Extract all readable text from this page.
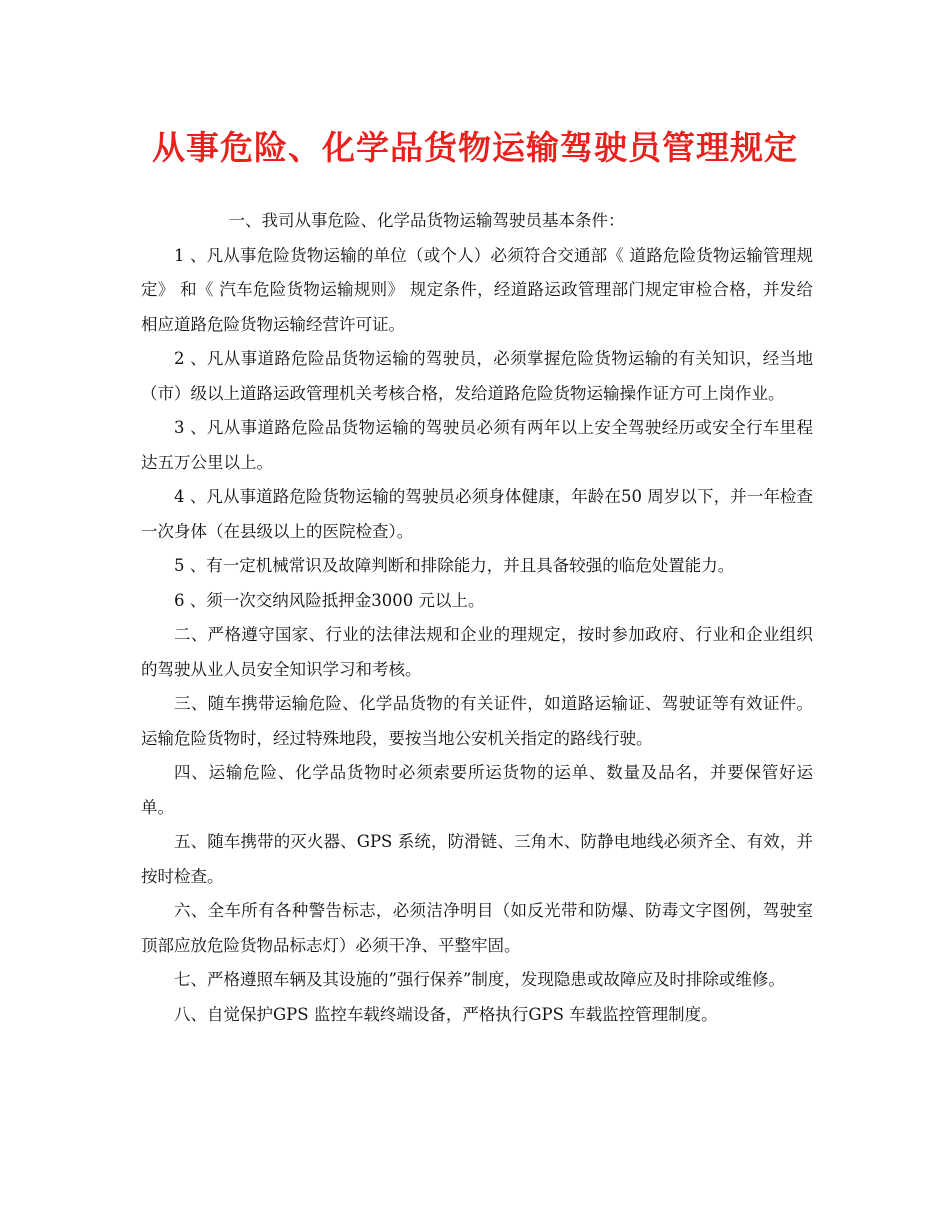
从事危险、化学品货物运输驾驶员管理规定

一、我司从事危险、化学品货物运输驾驶员基本条件：

1 、凡从事危险货物运输的单位（或个人）必须符合交通部《 道路危险货物运输管理规定》 和《 汽车危险货物运输规则》 规定条件，经道路运政管理部门规定审检合格，并发给相应道路危险货物运输经营许可证。

2 、凡从事道路危险品货物运输的驾驶员，必须掌握危险货物运输的有关知识，经当地（市）级以上道路运政管理机关考核合格，发给道路危险货物运输操作证方可上岗作业。

3 、凡从事道路危险品货物运输的驾驶员必须有两年以上安全驾驶经历或安全行车里程达五万公里以上。

4 、凡从事道路危险货物运输的驾驶员必须身体健康，年龄在50 周岁以下，并一年检查一次身体（在县级以上的医院检查）。

5 、有一定机械常识及故障判断和排除能力，并且具备较强的临危处置能力。

6 、须一次交纳风险抵押金3000 元以上。

二、严格遵守国家、行业的法律法规和企业的理规定，按时参加政府、行业和企业组织的驾驶从业人员安全知识学习和考核。

三、随车携带运输危险、化学品货物的有关证件，如道路运输证、驾驶证等有效证件。运输危险货物时，经过特殊地段，要按当地公安机关指定的路线行驶。

四、运输危险、化学品货物时必须索要所运货物的运单、数量及品名，并要保管好运单。

五、随车携带的灭火器、GPS 系统，防滑链、三角木、防静电地线必须齐全、有效，并按时检查。

六、全车所有各种警告标志，必须洁净明目（如反光带和防爆、防毒文字图例，驾驶室顶部应放危险货物品标志灯）必须干净、平整牢固。

七、严格遵照车辆及其设施的”强行保养”制度，发现隐患或故障应及时排除或维修。

八、自觉保护GPS 监控车载终端设备，严格执行GPS 车载监控管理制度。
